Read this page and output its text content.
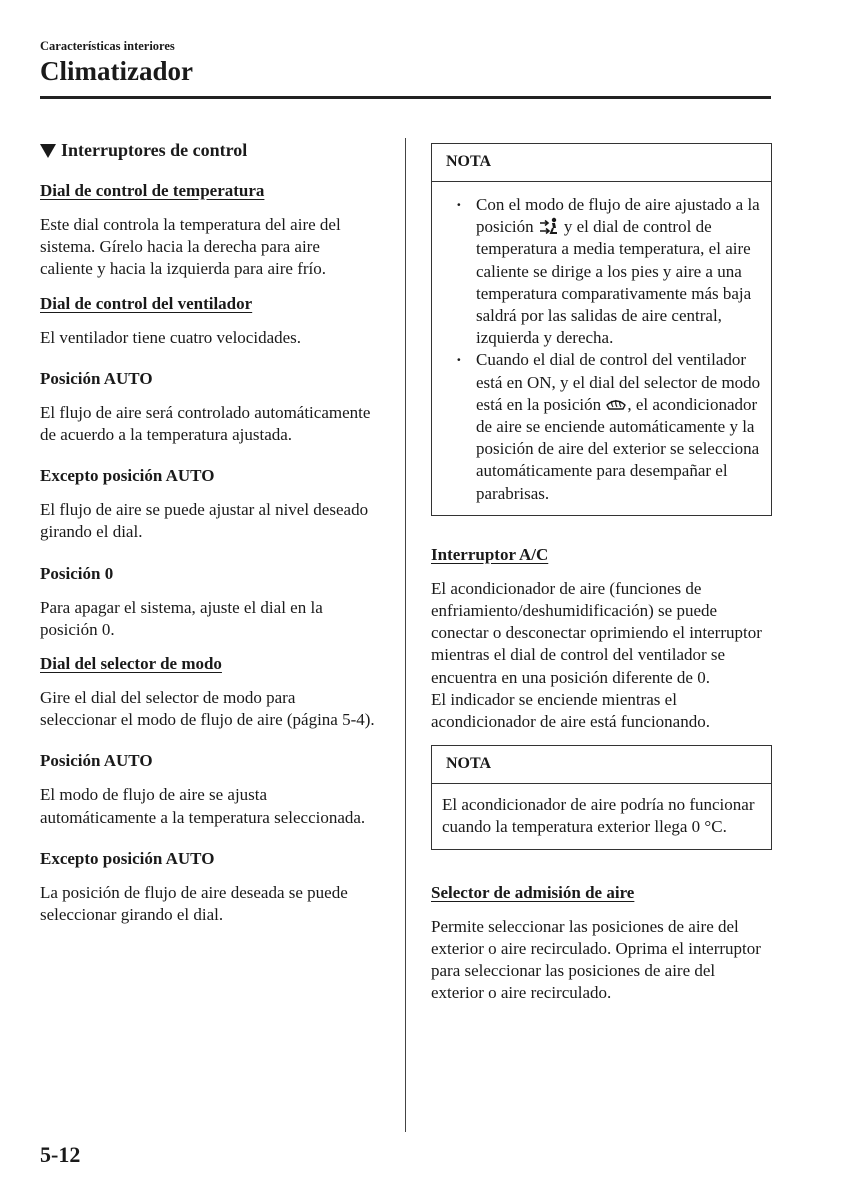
Características interiores
Climatizador
Interruptores de control
Dial de control de temperatura

Este dial controla la temperatura del aire del sistema. Gírelo hacia la derecha para aire caliente y hacia la izquierda para aire frío.

Dial de control del ventilador

El ventilador tiene cuatro velocidades.

Posición AUTO

El flujo de aire será controlado automáticamente de acuerdo a la temperatura ajustada.

Excepto posición AUTO

El flujo de aire se puede ajustar al nivel deseado girando el dial.

Posición 0

Para apagar el sistema, ajuste el dial en la posición 0.

Dial del selector de modo

Gire el dial del selector de modo para seleccionar el modo de flujo de aire (página 5-4).

Posición AUTO

El modo de flujo de aire se ajusta automáticamente a la temperatura seleccionada.

Excepto posición AUTO

La posición de flujo de aire deseada se puede seleccionar girando el dial.

NOTA
· Con el modo de flujo de aire ajustado a la posición y el dial de control de temperatura a media temperatura, el aire caliente se dirige a los pies y aire a una temperatura comparativamente más baja saldrá por las salidas de aire central, izquierda y derecha.
· Cuando el dial de control del ventilador está en ON, y el dial del selector de modo está en la posición , el acondicionador de aire se enciende automáticamente y la posición de aire del exterior se selecciona automáticamente para desempañar el parabrisas.
Interruptor A/C

El acondicionador de aire (funciones de enfriamiento/deshumidificación) se puede conectar o desconectar oprimiendo el interruptor mientras el dial de control del ventilador se encuentra en una posición diferente de 0.

El indicador se enciende mientras el acondicionador de aire está funcionando.

NOTA
El acondicionador de aire podría no funcionar cuando la temperatura exterior llega 0 °C.
Selector de admisión de aire

Permite seleccionar las posiciones de aire del exterior o aire recirculado. Oprima el interruptor para seleccionar las posiciones de aire del exterior o aire recirculado.

5-12
